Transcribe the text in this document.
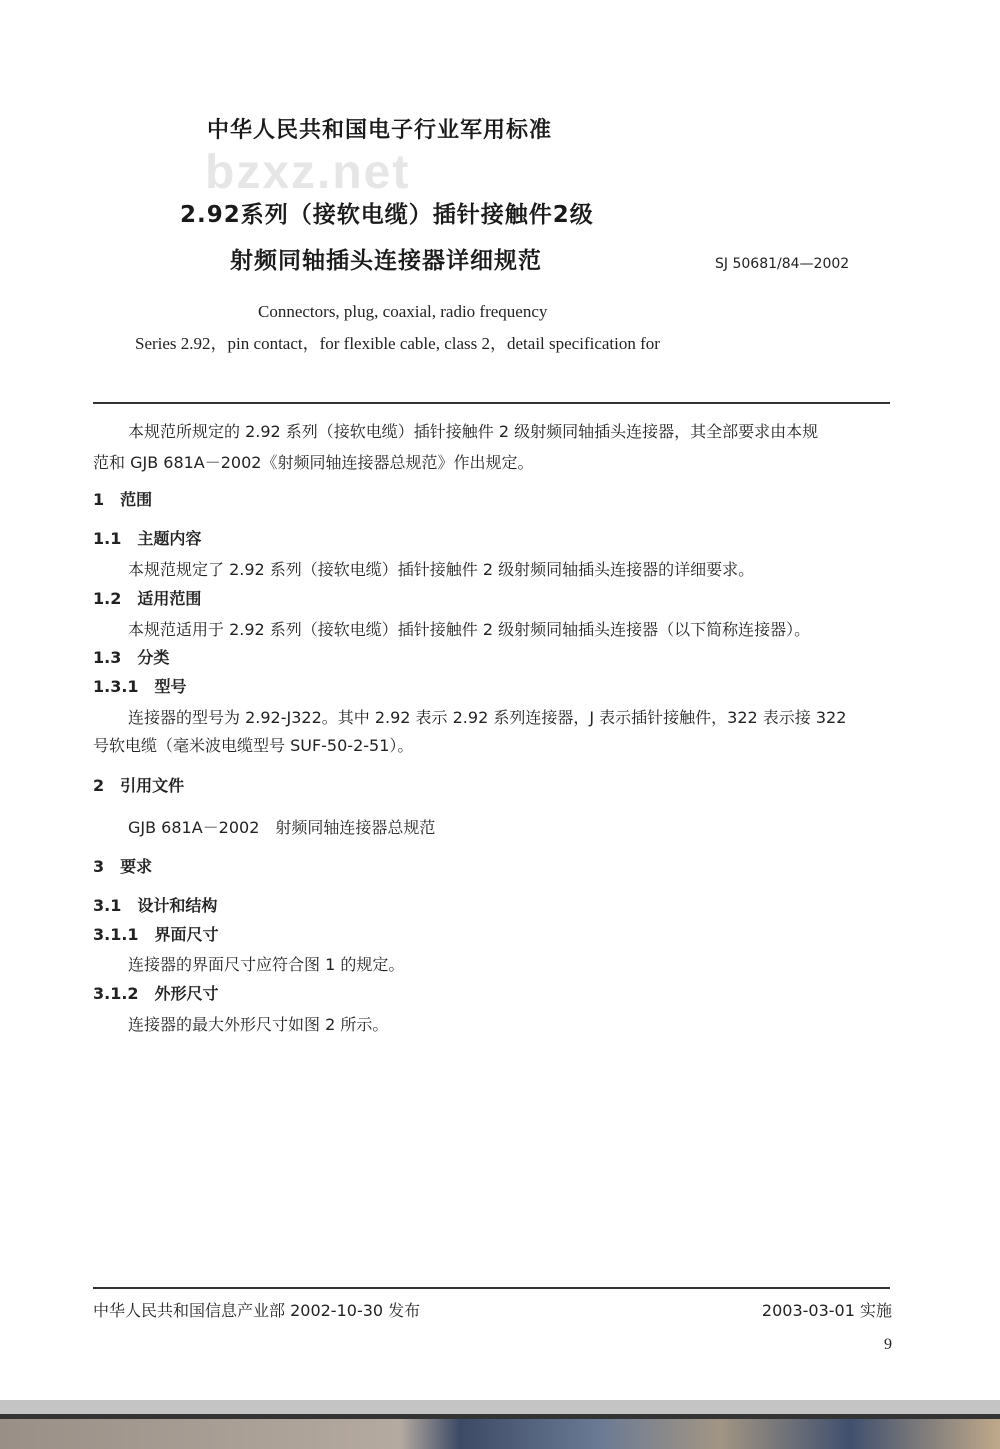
中华人民共和国电子行业军用标准
bzxz.net
2.92系列（接软电缆）插针接触件2级
射频同轴插头连接器详细规范	SJ 50681/84—2002
Connectors, plug, coaxial, radio frequency
Series 2.92，pin contact，for flexible cable, class 2，detail specification for
本规范所规定的 2.92 系列（接软电缆）插针接触件 2 级射频同轴插头连接器，其全部要求由本规
范和 GJB 681A－2002《射频同轴连接器总规范》作出规定。
1　范围
1.1　主题内容
本规范规定了 2.92 系列（接软电缆）插针接触件 2 级射频同轴插头连接器的详细要求。
1.2　适用范围
本规范适用于 2.92 系列（接软电缆）插针接触件 2 级射频同轴插头连接器（以下简称连接器）。
1.3　分类
1.3.1　型号
连接器的型号为 2.92-J322。其中 2.92 表示 2.92 系列连接器，J 表示插针接触件，322 表示接 322
号软电缆（毫米波电缆型号 SUF-50-2-51）。
2　引用文件
GJB 681A－2002　射频同轴连接器总规范
3　要求
3.1　设计和结构
3.1.1　界面尺寸
连接器的界面尺寸应符合图 1 的规定。
3.1.2　外形尺寸
连接器的最大外形尺寸如图 2 所示。
中华人民共和国信息产业部 2002-10-30 发布	2003-03-01 实施
9
